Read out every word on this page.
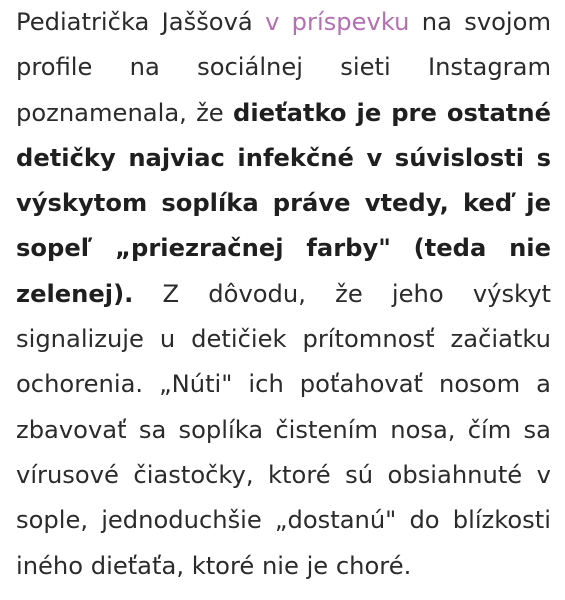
Pediatrička Jaššová v príspevku na svojom profile na sociálnej sieti Instagram poznamenala, že dieťatko je pre ostatné detičky najviac infekčné v súvislosti s výskytom soplíka práve vtedy, keď je sopeľ „priezračnej farby" (teda nie zelenej). Z dôvodu, že jeho výskyt signalizuje u detičiek prítomnosť začiatku ochorenia. „Núti" ich poťahovať nosom a zbavovať sa soplíka čistením nosa, čím sa vírusové čiastočky, ktoré sú obsiahnuté v sople, jednoduchšie „dostanú" do blízkosti iného dieťaťa, ktoré nie je choré.
